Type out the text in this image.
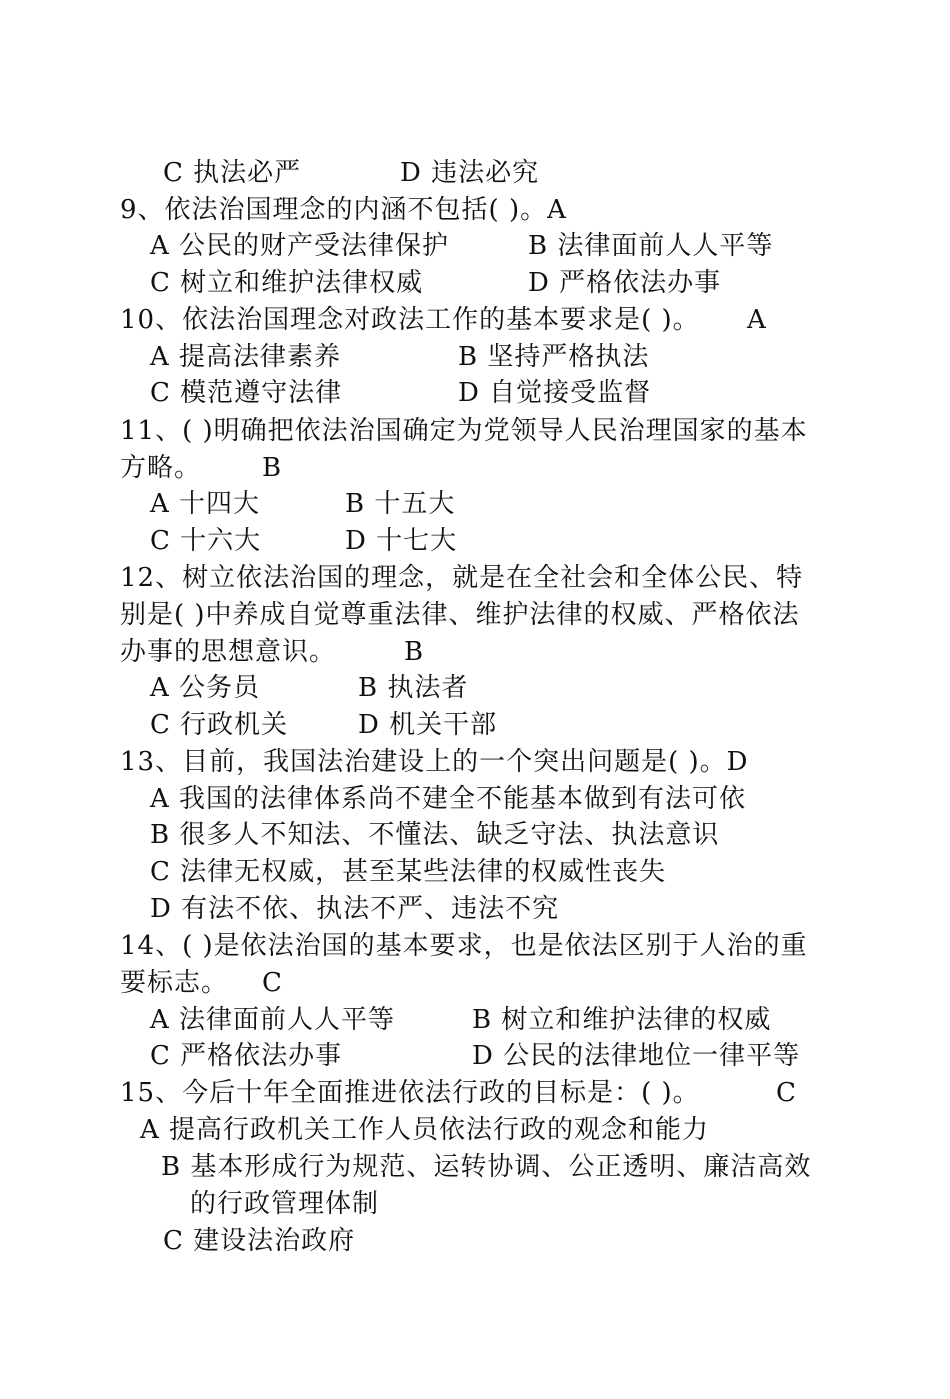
C 执法必严	D 违法必究
9、依法治国理念的内涵不包括( )。A
A 公民的财产受法律保护	B 法律面前人人平等
C 树立和维护法律权威	D 严格依法办事
10、依法治国理念对政法工作的基本要求是( )。 A
A 提高法律素养	B 坚持严格执法
C 模范遵守法律	D 自觉接受监督
11、( )明确把依法治国确定为党领导人民治理国家的基本
方略。 B
A 十四大	B 十五大
C 十六大	D 十七大
12、树立依法治国的理念，就是在全社会和全体公民、特
别是( )中养成自觉尊重法律、维护法律的权威、严格依法
办事的思想意识。	B
A 公务员	B 执法者
C 行政机关	D 机关干部
13、目前，我国法治建设上的一个突出问题是( )。D
A 我国的法律体系尚不建全不能基本做到有法可依
B 很多人不知法、不懂法、缺乏守法、执法意识
C 法律无权威，甚至某些法律的权威性丧失
D 有法不依、执法不严、违法不究
14、( )是依法治国的基本要求，也是依法区别于人治的重
要标志。 C
A 法律面前人人平等	B 树立和维护法律的权威
C 严格依法办事	D 公民的法律地位一律平等
15、今后十年全面推进依法行政的目标是：( )。	C
A 提高行政机关工作人员依法行政的观念和能力
B 基本形成行为规范、运转协调、公正透明、廉洁高效
的行政管理体制
C 建设法治政府
